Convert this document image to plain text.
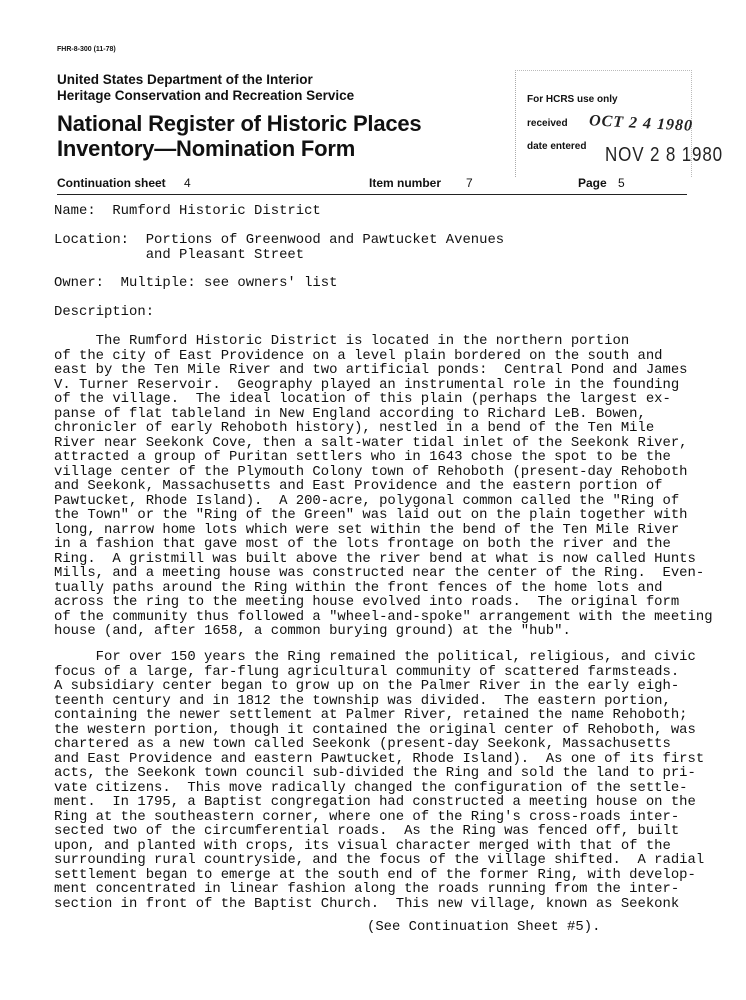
FHR-8-300 (11-78)
United States Department of the Interior
Heritage Conservation and Recreation Service
National Register of Historic Places
Inventory—Nomination Form
For HCRS use only
received OCT 2 4 1980
date entered NOV 2 8 1980
Continuation sheet 4	Item number 7	Page 5
Name:  Rumford Historic District
Location:  Portions of Greenwood and Pawtucket Avenues
and Pleasant Street
Owner:  Multiple: see owners' list
Description:
The Rumford Historic District is located in the northern portion
of the city of East Providence on a level plain bordered on the south and
east by the Ten Mile River and two artificial ponds:  Central Pond and James
V. Turner Reservoir.  Geography played an instrumental role in the founding
of the village.  The ideal location of this plain (perhaps the largest ex-
panse of flat tableland in New England according to Richard LeB. Bowen,
chronicler of early Rehoboth history), nestled in a bend of the Ten Mile
River near Seekonk Cove, then a salt-water tidal inlet of the Seekonk River,
attracted a group of Puritan settlers who in 1643 chose the spot to be the
village center of the Plymouth Colony town of Rehoboth (present-day Rehoboth
and Seekonk, Massachusetts and East Providence and the eastern portion of
Pawtucket, Rhode Island).  A 200-acre, polygonal common called the "Ring of
the Town" or the "Ring of the Green" was laid out on the plain together with
long, narrow home lots which were set within the bend of the Ten Mile River
in a fashion that gave most of the lots frontage on both the river and the
Ring.  A gristmill was built above the river bend at what is now called Hunts
Mills, and a meeting house was constructed near the center of the Ring.  Even-
tually paths around the Ring within the front fences of the home lots and
across the ring to the meeting house evolved into roads.  The original form
of the community thus followed a "wheel-and-spoke" arrangement with the meeting
house (and, after 1658, a common burying ground) at the "hub".
For over 150 years the Ring remained the political, religious, and civic
focus of a large, far-flung agricultural community of scattered farmsteads.
A subsidiary center began to grow up on the Palmer River in the early eigh-
teenth century and in 1812 the township was divided.  The eastern portion,
containing the newer settlement at Palmer River, retained the name Rehoboth;
the western portion, though it contained the original center of Rehoboth, was
chartered as a new town called Seekonk (present-day Seekonk, Massachusetts
and East Providence and eastern Pawtucket, Rhode Island).  As one of its first
acts, the Seekonk town council sub-divided the Ring and sold the land to pri-
vate citizens.  This move radically changed the configuration of the settle-
ment.  In 1795, a Baptist congregation had constructed a meeting house on the
Ring at the southeastern corner, where one of the Ring's cross-roads inter-
sected two of the circumferential roads.  As the Ring was fenced off, built
upon, and planted with crops, its visual character merged with that of the
surrounding rural countryside, and the focus of the village shifted.  A radial
settlement began to emerge at the south end of the former Ring, with develop-
ment concentrated in linear fashion along the roads running from the inter-
section in front of the Baptist Church.  This new village, known as Seekonk
(See Continuation Sheet #5).
